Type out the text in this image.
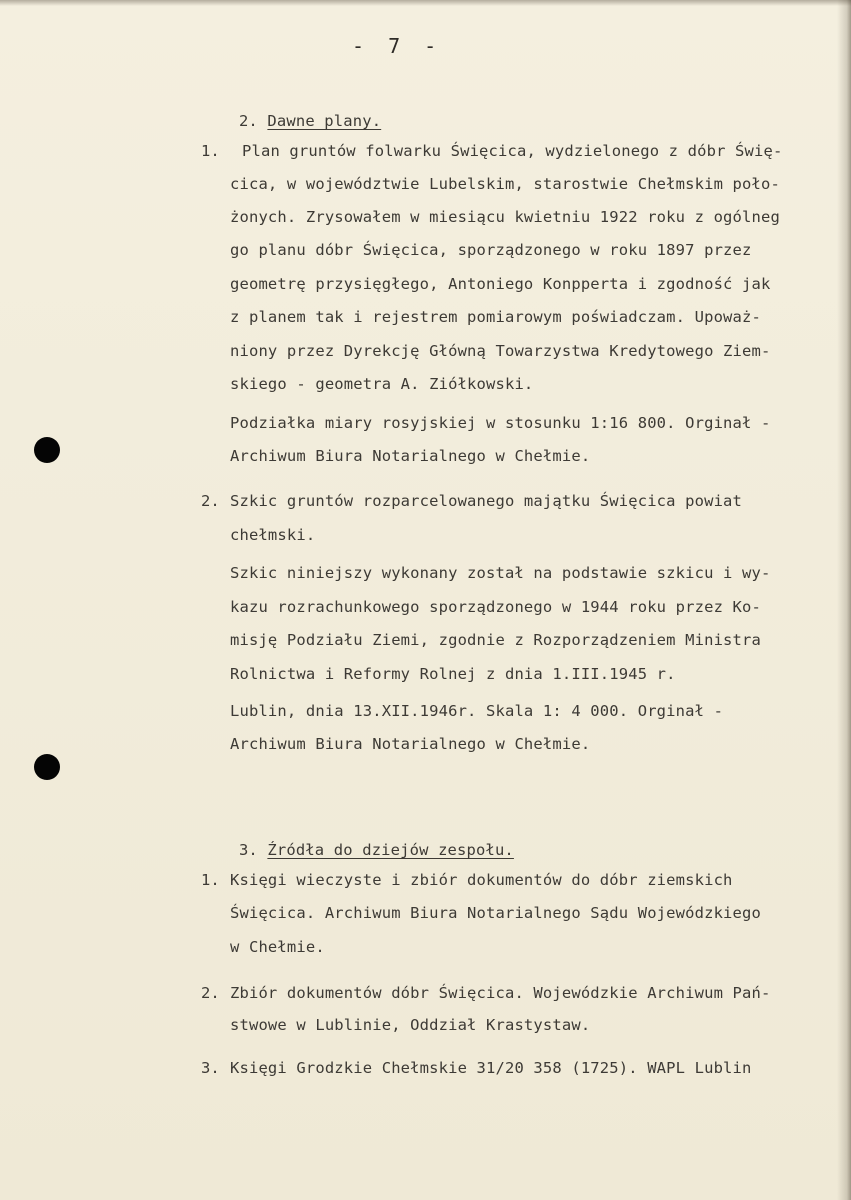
- 7 -

2. Dawne plany.

1. Plan gruntów folwarku Święcica, wydzielonego z dóbr Świę-
cica, w województwie Lubelskim, starostwie Chełmskim poło-
żonych. Zrysowałem w miesiącu kwietniu 1922 roku z ogólneg
go planu dóbr Święcica, sporządzonego w roku 1897 przez
geometrę przysięgłego, Antoniego Konpperta i zgodność jak
z planem tak i rejestrem pomiarowym poświadczam. Upoważ-
niony przez Dyrekcję Główną Towarzystwa Kredytowego Ziem-
skiego - geometra A. Ziółkowski.
Podziałka miary rosyjskiej w stosunku 1:16 800. Orginał -
Archiwum Biura Notarialnego w Chełmie.
2. Szkic gruntów rozparcelowanego majątku Święcica powiat
chełmski.
Szkic niniejszy wykonany został na podstawie szkicu i wy-
kazu rozrachunkowego sporządzonego w 1944 roku przez Ko-
misję Podziału Ziemi, zgodnie z Rozporządzeniem Ministra
Rolnictwa i Reformy Rolnej z dnia 1.III.1945 r.
Lublin, dnia 13.XII.1946r. Skala 1: 4 000. Orginał -
Archiwum Biura Notarialnego w Chełmie.

3. Źródła do dziejów zespołu.

1. Księgi wieczyste i zbiór dokumentów do dóbr ziemskich
Święcica. Archiwum Biura Notarialnego Sądu Wojewódzkiego
w Chełmie.
2. Zbiór dokumentów dóbr Święcica. Wojewódzkie Archiwum Pań-
stwowe w Lublinie, Oddział Krastystaw.
3. Księgi Grodzkie Chełmskie 31/20 358 (1725). WAPL Lublin
